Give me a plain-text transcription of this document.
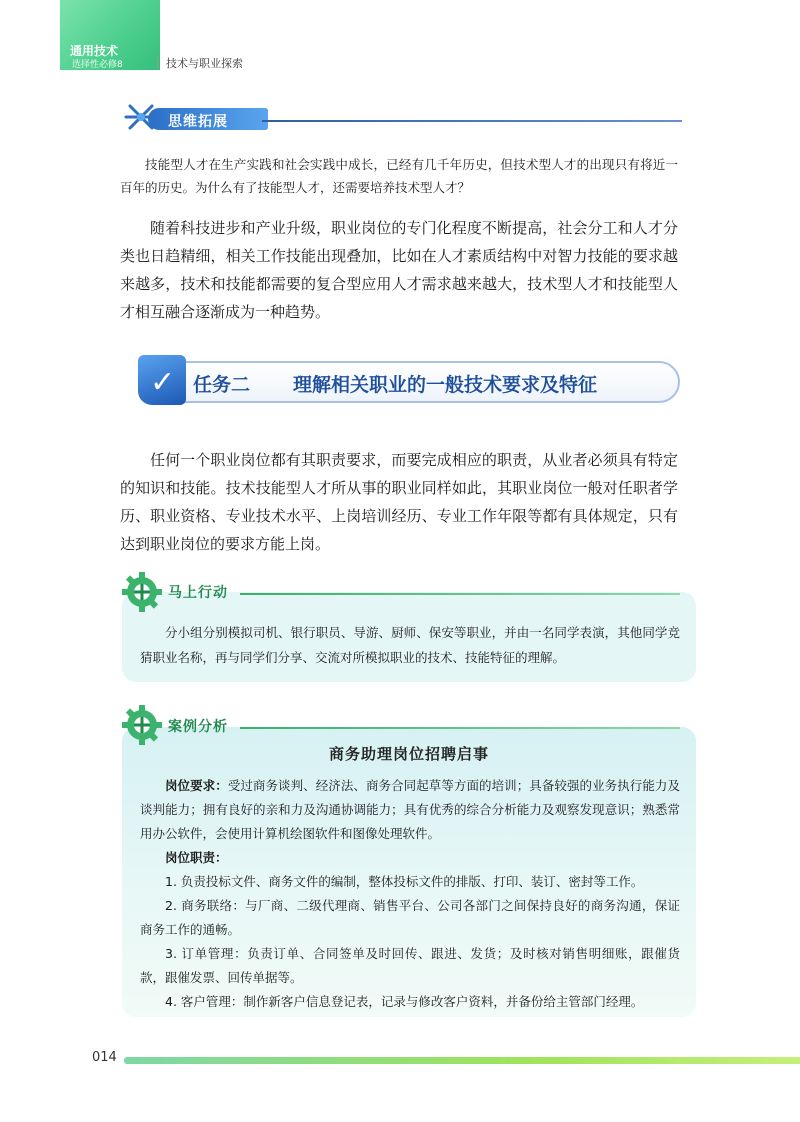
通用技术
选择性必修8	技术与职业探索
思维拓展

技能型人才在生产实践和社会实践中成长，已经有几千年历史，但技术型人才的出现只有将近一百年的历史。为什么有了技能型人才，还需要培养技术型人才？

随着科技进步和产业升级，职业岗位的专门化程度不断提高，社会分工和人才分类也日趋精细，相关工作技能出现叠加，比如在人才素质结构中对智力技能的要求越来越多，技术和技能都需要的复合型应用人才需求越来越大，技术型人才和技能型人才相互融合逐渐成为一种趋势。

✓ 任务二 理解相关职业的一般技术要求及特征

任何一个职业岗位都有其职责要求，而要完成相应的职责，从业者必须具有特定的知识和技能。技术技能型人才所从事的职业同样如此，其职业岗位一般对任职者学历、职业资格、专业技术水平、上岗培训经历、专业工作年限等都有具体规定，只有达到职业岗位的要求方能上岗。

马上行动

分小组分别模拟司机、银行职员、导游、厨师、保安等职业，并由一名同学表演，其他同学竞猜职业名称，再与同学们分享、交流对所模拟职业的技术、技能特征的理解。

案例分析
商务助理岗位招聘启事

岗位要求：受过商务谈判、经济法、商务合同起草等方面的培训；具备较强的业务执行能力及谈判能力；拥有良好的亲和力及沟通协调能力；具有优秀的综合分析能力及观察发现意识；熟悉常用办公软件，会使用计算机绘图软件和图像处理软件。

岗位职责：

1. 负责投标文件、商务文件的编制，整体投标文件的排版、打印、装订、密封等工作。

2. 商务联络：与厂商、二级代理商、销售平台、公司各部门之间保持良好的商务沟通，保证商务工作的通畅。

3. 订单管理：负责订单、合同签单及时回传、跟进、发货；及时核对销售明细账，跟催货款，跟催发票、回传单据等。

4. 客户管理：制作新客户信息登记表，记录与修改客户资料，并备份给主管部门经理。

014
